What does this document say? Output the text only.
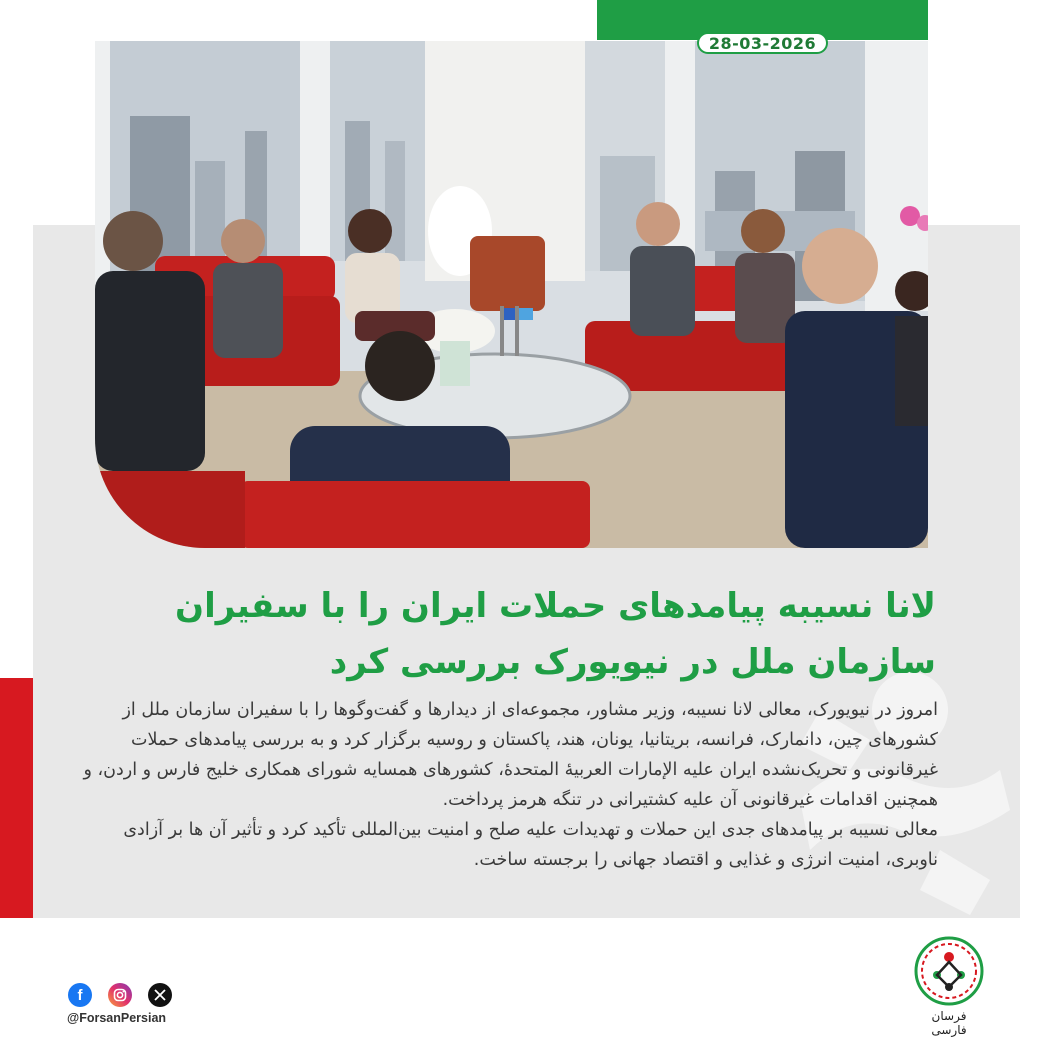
28-03-2026
لانا نسیبه پیامدهای حملات ایران را با سفیران سازمان ملل در نیویورک بررسی کرد

امروز در نیویورک، معالی لانا نسیبه، وزیر مشاور، مجموعه‌ای از دیدارها و گفت‌وگوها را با سفیران سازمان ملل از کشورهای چین، دانمارک، فرانسه، بریتانیا، یونان، هند، پاکستان و روسیه برگزار کرد و به بررسی پیامدهای حملات غیرقانونی و تحریک‌نشده ایران علیه الإمارات العربیۀ المتحدۀ، کشورهای همسایه شورای همکاری خلیج فارس و اردن، و همچنین اقدامات غیرقانونی آن علیه کشتیرانی در تنگه هرمز پرداخت.

معالی نسیبه بر پیامدهای جدی این حملات و تهدیدات علیه صلح و امنیت بین‌المللی تأکید کرد و تأثیر آن ها بر آزادی ناوبری، امنیت انرژی و غذایی و اقتصاد جهانی را برجسته ساخت.

f
@ForsanPersian	فرسان فارسی
